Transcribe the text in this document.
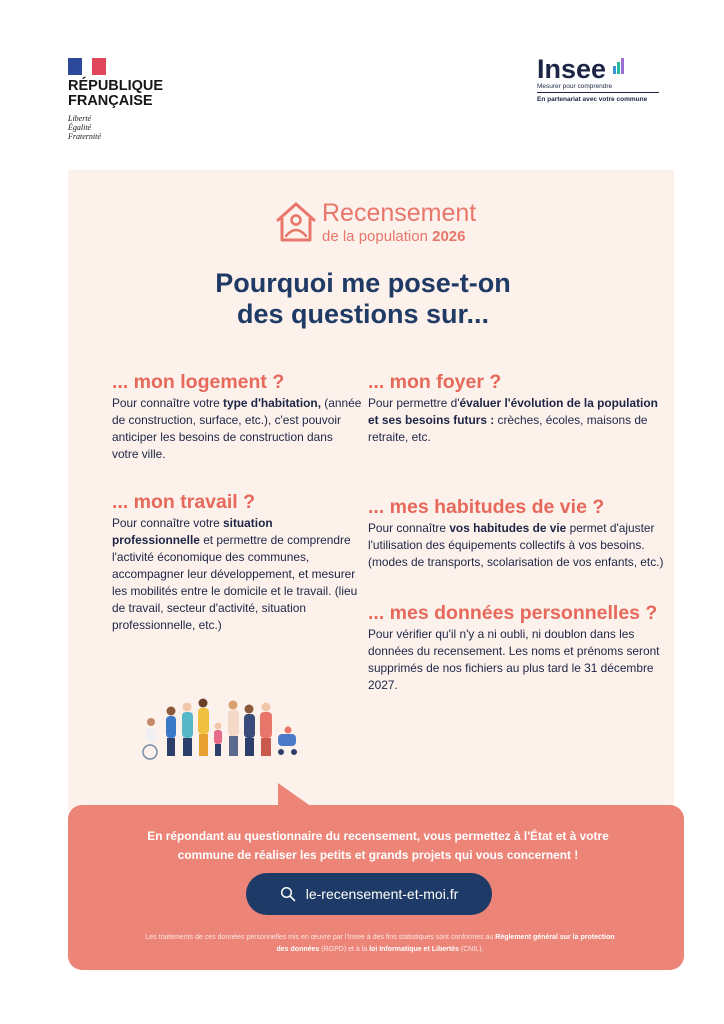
RÉPUBLIQUE
FRANÇAISE
Liberté
Égalité
Fraternité
Insee
Mesurer pour comprendre
En partenariat avec votre commune
Recensement
de la population 2026
Pourquoi me pose-t-on
des questions sur...
... mon logement ?
Pour connaître votre type d'habitation, (année de construction, surface, etc.), c'est pouvoir anticiper les besoins de construction dans votre ville.
... mon foyer ?
Pour permettre d'évaluer l'évolution de la population et ses besoins futurs : crèches, écoles, maisons de retraite, etc.
... mon travail ?
Pour connaître votre situation professionnelle et permettre de comprendre l'activité économique des communes, accompagner leur développement, et mesurer les mobilités entre le domicile et le travail. (lieu de travail, secteur d'activité, situation professionnelle, etc.)
... mes habitudes de vie ?
Pour connaître vos habitudes de vie permet d'ajuster l'utilisation des équipements collectifs à vos besoins. (modes de transports, scolarisation de vos enfants, etc.)
... mes données personnelles ?
Pour vérifier qu'il n'y a ni oubli, ni doublon dans les données du recensement. Les noms et prénoms seront supprimés de nos fichiers au plus tard le 31 décembre 2027.
En répondant au questionnaire du recensement, vous permettez à l'État et à votre commune de réaliser les petits et grands projets qui vous concernent !
le-recensement-et-moi.fr
Les traitements de ces données personnelles mis en œuvre par l'Insee à des fins statistiques sont conformes au Règlement général sur la protection des données (RGPD) et à la loi Informatique et Libertés (CNIL).
